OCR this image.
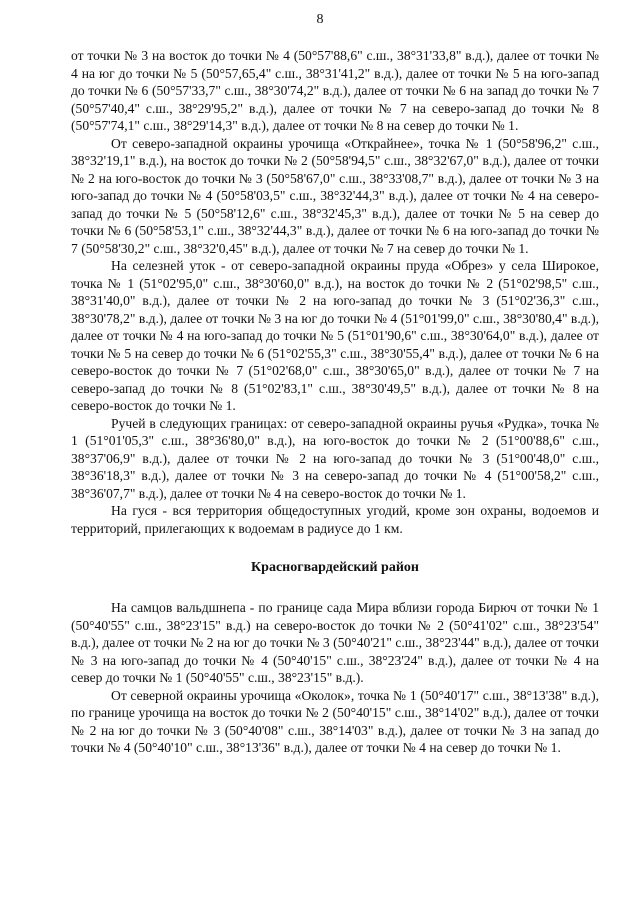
8

от точки № 3 на восток до точки № 4 (50°57'88,6" с.ш., 38°31'33,8" в.д.), далее от точки № 4 на юг до точки № 5 (50°57,65,4" с.ш., 38°31'41,2" в.д.), далее от точки № 5 на юго-запад до точки № 6 (50°57'33,7" с.ш., 38°30'74,2" в.д.), далее от точки № 6 на запад до точки № 7 (50°57'40,4" с.ш., 38°29'95,2" в.д.), далее от точки № 7 на северо-запад до точки № 8 (50°57'74,1" с.ш., 38°29'14,3" в.д.), далее от точки № 8 на север до точки № 1.

От северо-западной окраины урочища «Открайнее», точка № 1 (50°58'96,2" с.ш., 38°32'19,1" в.д.), на восток до точки № 2 (50°58'94,5" с.ш., 38°32'67,0" в.д.), далее от точки № 2 на юго-восток до точки № 3 (50°58'67,0" с.ш., 38°33'08,7" в.д.), далее от точки № 3 на юго-запад до точки № 4 (50°58'03,5" с.ш., 38°32'44,3" в.д.), далее от точки № 4 на северо-запад до точки № 5 (50°58'12,6" с.ш., 38°32'45,3" в.д.), далее от точки № 5 на север до точки № 6 (50°58'53,1" с.ш., 38°32'44,3" в.д.), далее от точки № 6 на юго-запад до точки № 7 (50°58'30,2" с.ш., 38°32'0,45" в.д.), далее от точки № 7 на север до точки № 1.

На селезней уток - от северо-западной окраины пруда «Обрез» у села Широкое, точка № 1 (51°02'95,0" с.ш., 38°30'60,0" в.д.), на восток до точки № 2 (51°02'98,5" с.ш., 38°31'40,0" в.д.), далее от точки № 2 на юго-запад до точки № 3 (51°02'36,3" с.ш., 38°30'78,2" в.д.), далее от точки № 3 на юг до точки № 4 (51°01'99,0" с.ш., 38°30'80,4" в.д.), далее от точки № 4 на юго-запад до точки № 5 (51°01'90,6" с.ш., 38°30'64,0" в.д.), далее от точки № 5 на север до точки № 6 (51°02'55,3" с.ш., 38°30'55,4" в.д.), далее от точки № 6 на северо-восток до точки № 7 (51°02'68,0" с.ш., 38°30'65,0" в.д.), далее от точки № 7 на северо-запад до точки № 8 (51°02'83,1" с.ш., 38°30'49,5" в.д.), далее от точки № 8 на северо-восток до точки № 1.

Ручей в следующих границах: от северо-западной окраины ручья «Рудка», точка № 1 (51°01'05,3" с.ш., 38°36'80,0" в.д.), на юго-восток до точки № 2 (51°00'88,6" с.ш., 38°37'06,9" в.д.), далее от точки № 2 на юго-запад до точки № 3 (51°00'48,0" с.ш., 38°36'18,3" в.д.), далее от точки № 3 на северо-запад до точки № 4 (51°00'58,2" с.ш., 38°36'07,7" в.д.), далее от точки № 4 на северо-восток до точки № 1.

На гуся - вся территория общедоступных угодий, кроме зон охраны, водоемов и территорий, прилегающих к водоемам в радиусе до 1 км.

Красногвардейский район

На самцов вальдшнепа - по границе сада Мира вблизи города Бирюч от точки № 1 (50°40'55" с.ш., 38°23'15" в.д.) на северо-восток до точки № 2 (50°41'02" с.ш., 38°23'54" в.д.), далее от точки № 2 на юг до точки № 3 (50°40'21" с.ш., 38°23'44" в.д.), далее от точки № 3 на юго-запад до точки № 4 (50°40'15" с.ш., 38°23'24" в.д.), далее от точки № 4 на север до точки № 1 (50°40'55" с.ш., 38°23'15" в.д.).

От северной окраины урочища «Околок», точка № 1 (50°40'17" с.ш., 38°13'38" в.д.), по границе урочища на восток до точки № 2 (50°40'15" с.ш., 38°14'02" в.д.), далее от точки № 2 на юг до точки № 3 (50°40'08" с.ш., 38°14'03" в.д.), далее от точки № 3 на запад до точки № 4 (50°40'10" с.ш., 38°13'36" в.д.), далее от точки № 4 на север до точки № 1.
